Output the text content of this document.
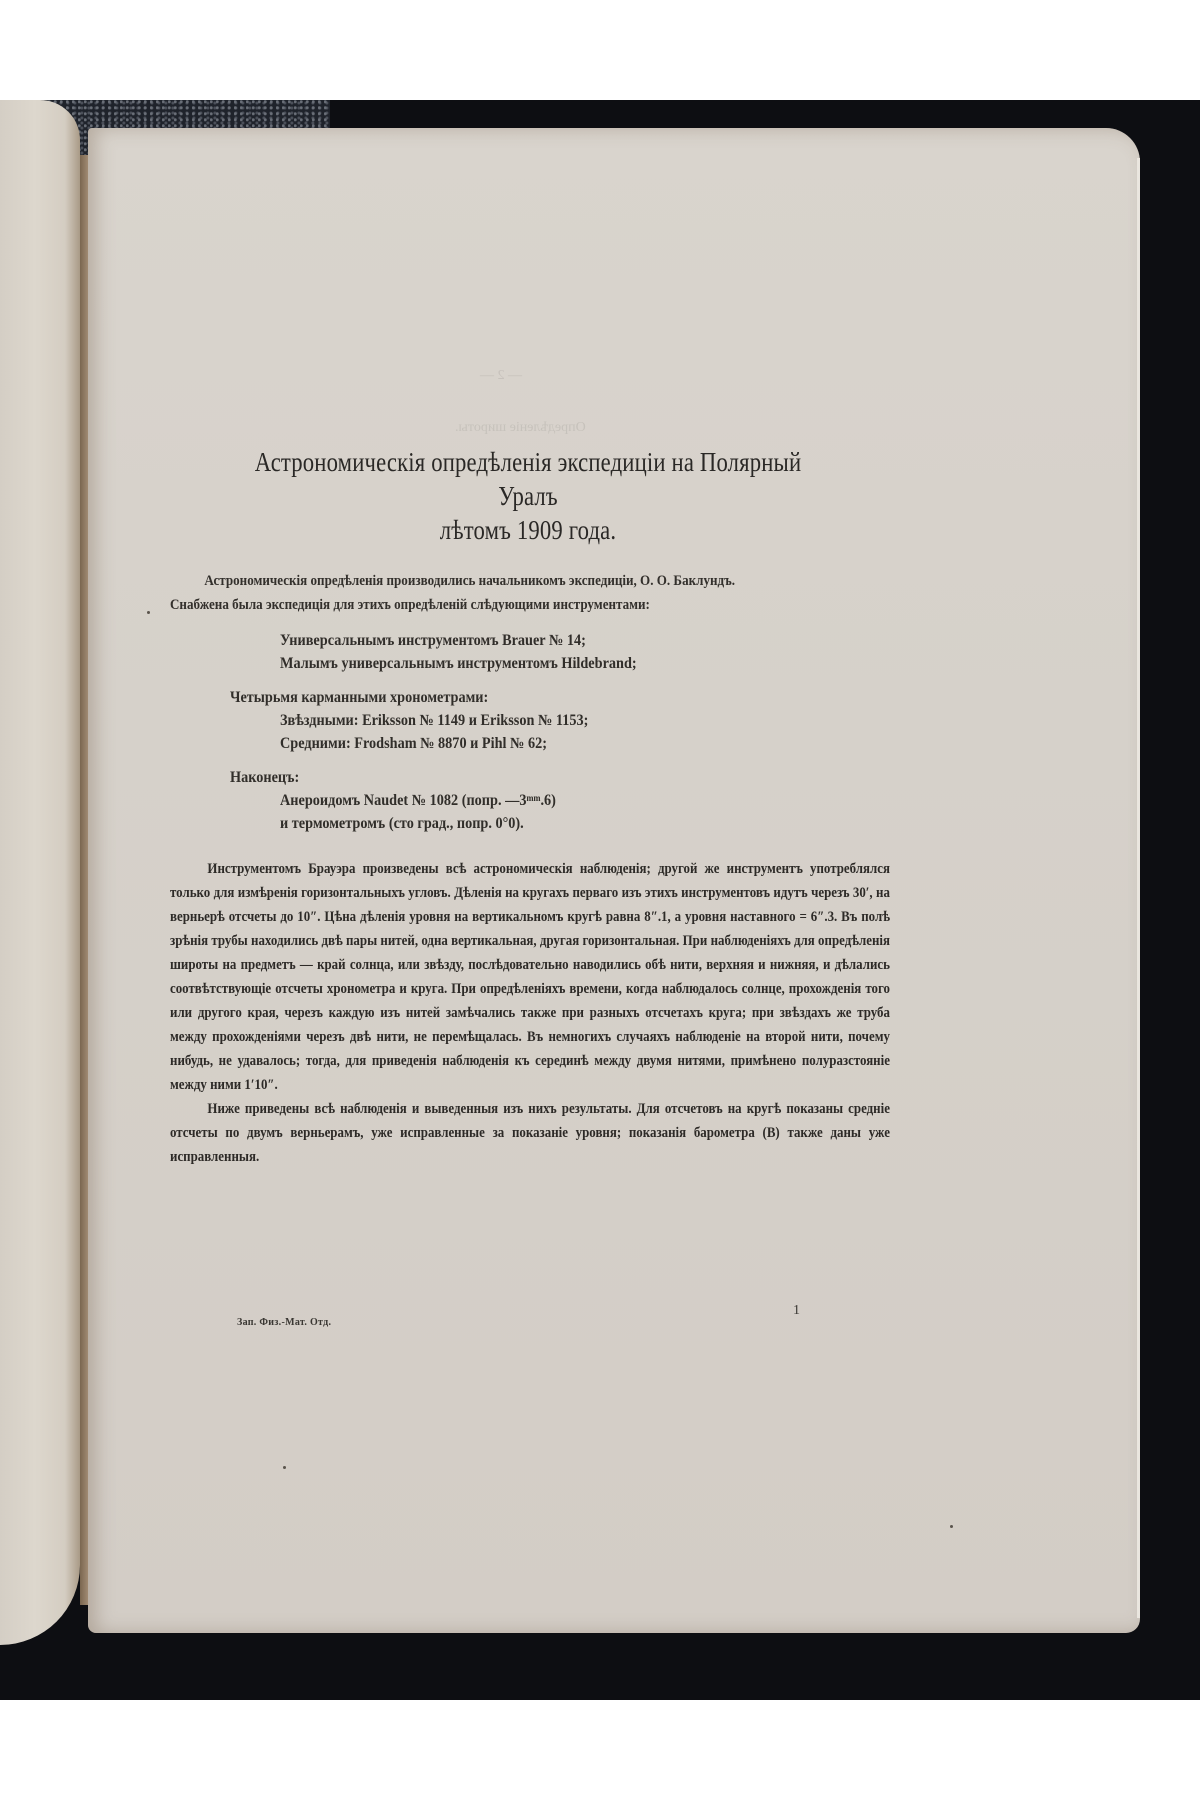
— 2 —
Опредѣленіе широты.
Астрономическія опредѣленія экспедиціи на Полярный Уралъ
лѣтомъ 1909 года.
Астрономическія опредѣленія производились начальникомъ экспедиціи, О. О. Баклундъ.
Снабжена была экспедиція для этихъ опредѣленій слѣдующими инструментами:
Универсальнымъ инструментомъ Brauer № 14;
Малымъ универсальнымъ инструментомъ Hildebrand;
Четырьмя карманными хронометрами:
Звѣздными: Eriksson № 1149 и Eriksson № 1153;
Средними: Frodsham № 8870 и Pihl № 62;
Наконецъ:
Анероидомъ Naudet № 1082 (попр. —3ᵐᵐ.6)
и термометромъ (сто град., попр. 0°0).

Инструментомъ Брауэра произведены всѣ астрономическія наблюденія; другой же инструментъ употреблялся только для измѣренія горизонтальныхъ угловъ. Дѣленія на кругахъ перваго изъ этихъ инструментовъ идутъ черезъ 30′, на верньерѣ отсчеты до 10″. Цѣна дѣленія уровня на вертикальномъ кругѣ равна 8″.1, а уровня наставного = 6″.3. Въ полѣ зрѣнія трубы находились двѣ пары нитей, одна вертикальная, другая горизонтальная. При наблюденіяхъ для опредѣленія широты на предметъ — край солнца, или звѣзду, послѣдовательно наводились обѣ нити, верхняя и нижняя, и дѣлались соотвѣтствующіе отсчеты хронометра и круга. При опредѣленіяхъ времени, когда наблюдалось солнце, прохожденія того или другого края, черезъ каждую изъ нитей замѣчались также при разныхъ отсчетахъ круга; при звѣздахъ же труба между прохожденіями черезъ двѣ нити, не перемѣщалась. Въ немногихъ случаяхъ наблюденіе на второй нити, почему нибудь, не удавалось; тогда, для приведенія наблюденія къ серединѣ между двумя нитями, примѣнено полуразстояніе между ними 1′10″.

Ниже приведены всѣ наблюденія и выведенныя изъ нихъ результаты. Для отсчетовъ на кругѣ показаны средніе отсчеты по двумъ верньерамъ, уже исправленные за показаніе уровня; показанія барометра (B) также даны уже исправленныя.

Зап. Физ.-Мат. Отд.
1
